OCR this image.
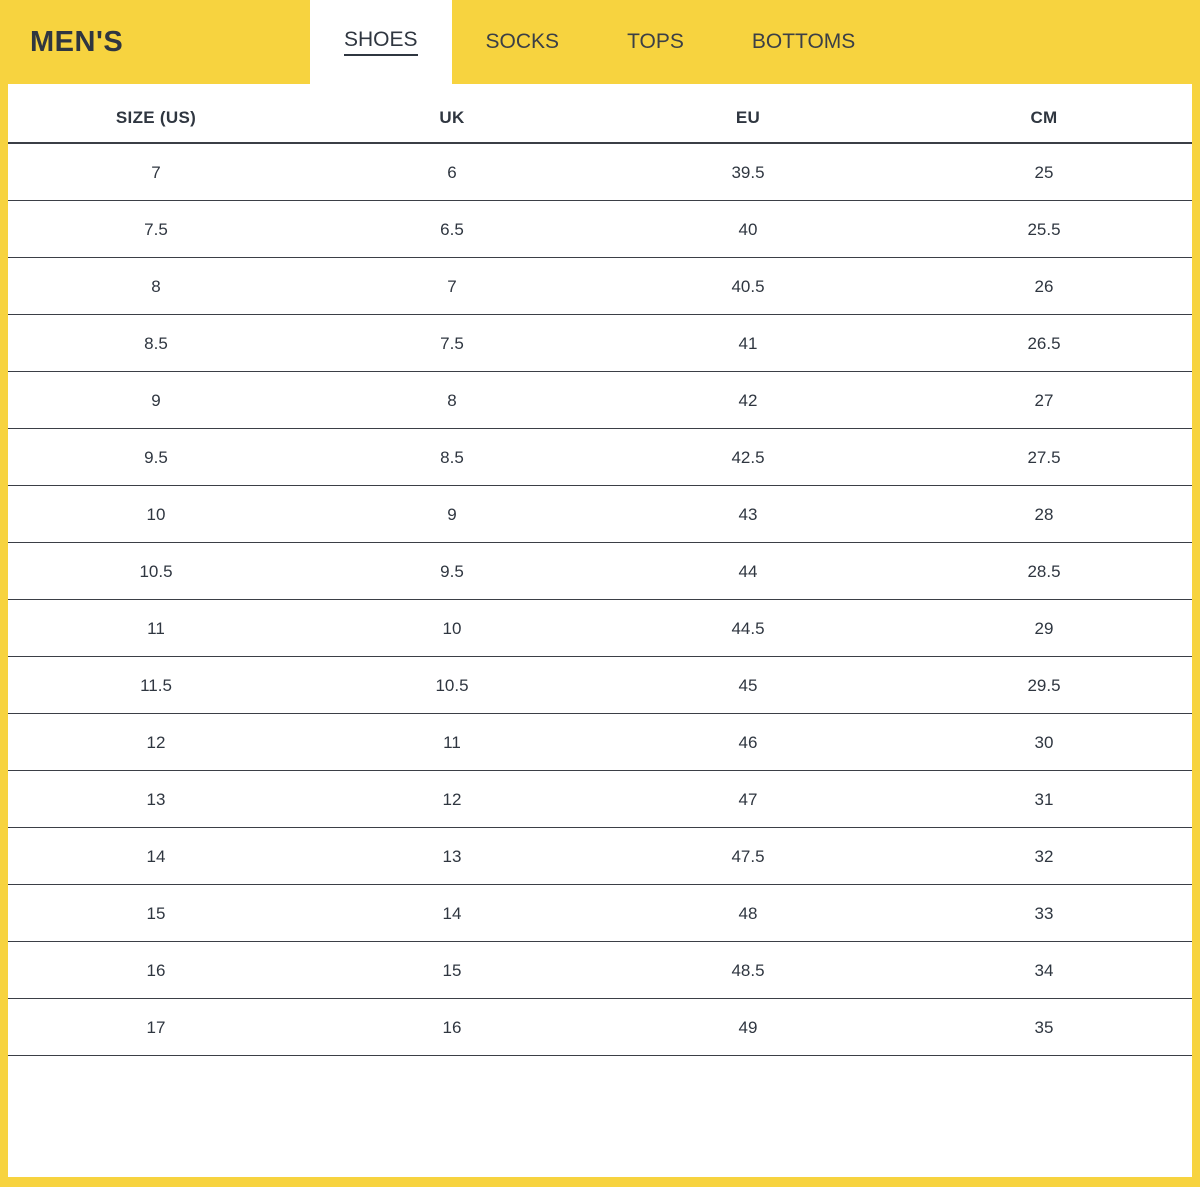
MEN'S	SHOES	SOCKS	TOPS	BOTTOMS
SIZE (US)	UK	EU	CM
7	6	39.5	25
7.5	6.5	40	25.5
8	7	40.5	26
8.5	7.5	41	26.5
9	8	42	27
9.5	8.5	42.5	27.5
10	9	43	28
10.5	9.5	44	28.5
11	10	44.5	29
11.5	10.5	45	29.5
12	11	46	30
13	12	47	31
14	13	47.5	32
15	14	48	33
16	15	48.5	34
17	16	49	35
